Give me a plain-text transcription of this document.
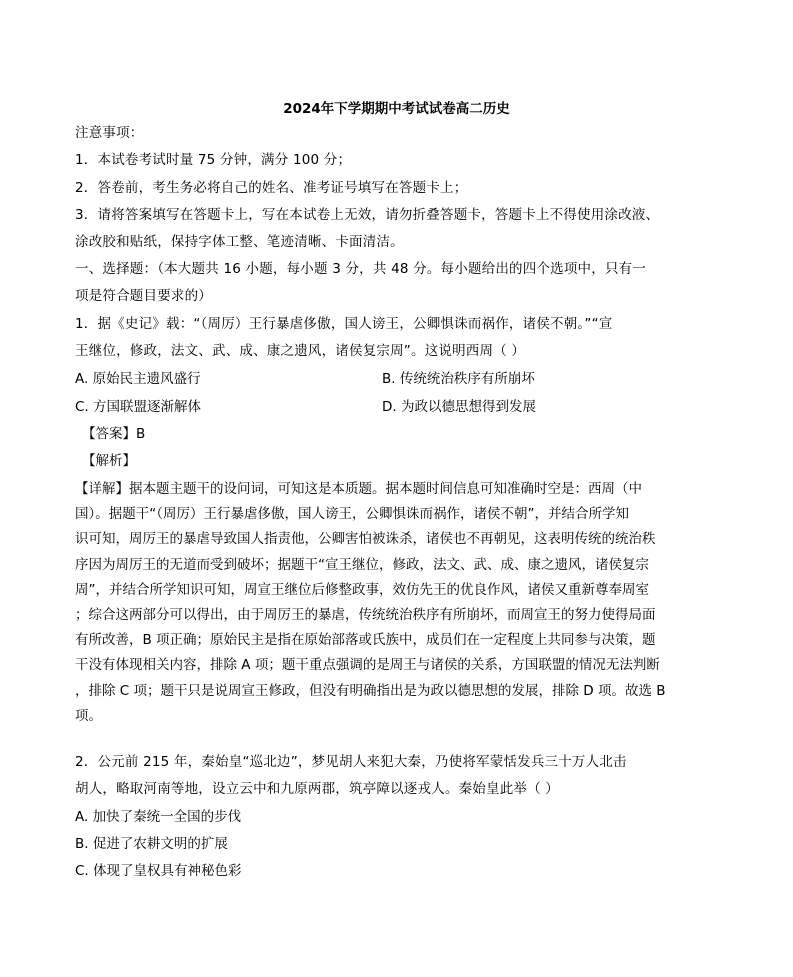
2024年下学期期中考试试卷高二历史
注意事项：
1．本试卷考试时量 75 分钟，满分 100 分；
2．答卷前，考生务必将自己的姓名、准考证号填写在答题卡上；
3．请将答案填写在答题卡上，写在本试卷上无效，请勿折叠答题卡，答题卡上不得使用涂改液、
涂改胶和贴纸，保持字体工整、笔迹清晰、卡面清洁。
一、选择题：（本大题共 16 小题，每小题 3 分，共 48 分。每小题给出的四个选项中，只有一
项是符合题目要求的）
1．据《史记》载：“（周厉）王行暴虐侈傲，国人谤王，公卿惧诛而祸作，诸侯不朝。”“宣
王继位，修政，法文、武、成、康之遗风，诸侯复宗周”。这说明西周（ ）
A. 原始民主遗风盛行	B. 传统统治秩序有所崩坏
C. 方国联盟逐渐解体	D. 为政以德思想得到发展
【答案】B
【解析】
【详解】据本题主题干的设问词，可知这是本质题。据本题时间信息可知准确时空是：西周（中
国）。据题干“（周厉）王行暴虐侈傲，国人谤王，公卿惧诛而祸作，诸侯不朝”，并结合所学知
识可知，周厉王的暴虐导致国人指责他，公卿害怕被诛杀，诸侯也不再朝见，这表明传统的统治秩
序因为周厉王的无道而受到破坏；据题干“宣王继位，修政，法文、武、成、康之遗风，诸侯复宗
周”，并结合所学知识可知，周宣王继位后修整政事，效仿先王的优良作风，诸侯又重新尊奉周室
；综合这两部分可以得出，由于周厉王的暴虐，传统统治秩序有所崩坏，而周宣王的努力使得局面
有所改善，B 项正确；原始民主是指在原始部落或氏族中，成员们在一定程度上共同参与决策，题
干没有体现相关内容，排除 A 项；题干重点强调的是周王与诸侯的关系，方国联盟的情况无法判断
，排除 C 项；题干只是说周宣王修政，但没有明确指出是为政以德思想的发展，排除 D 项。故选 B
项。
2．公元前 215 年，秦始皇“巡北边”，梦见胡人来犯大秦，乃使将军蒙恬发兵三十万人北击
胡人，略取河南等地，设立云中和九原两郡，筑亭障以逐戎人。秦始皇此举（ ）
A. 加快了秦统一全国的步伐
B. 促进了农耕文明的扩展
C. 体现了皇权具有神秘色彩
